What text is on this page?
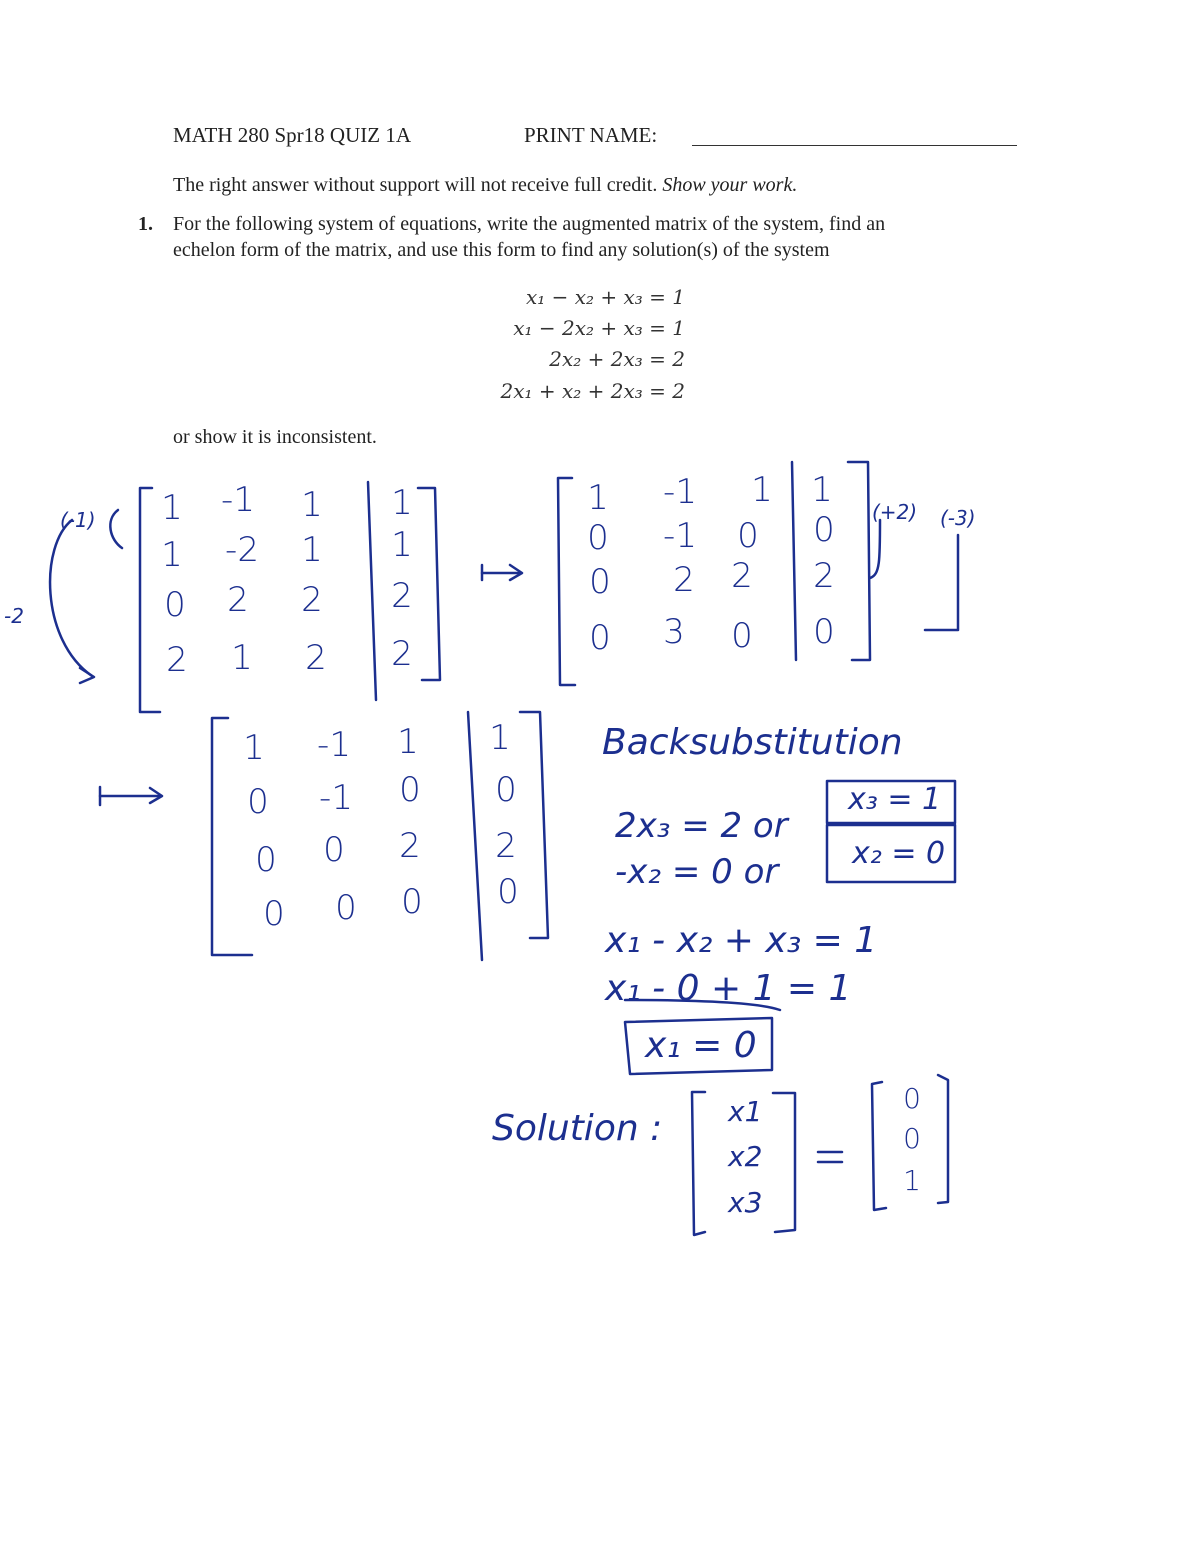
MATH 280 Spr18 QUIZ 1A	PRINT NAME:
The right answer without support will not receive full credit. Show your work.
1. For the following system of equations, write the augmented matrix of the system, find an
echelon form of the matrix, and use this form to find any solution(s) of the system
x₁ − x₂ + x₃ = 1
x₁ − 2x₂ + x₃ = 1
2x₂ + 2x₃ = 2
2x₁ + x₂ + 2x₃ = 2
or show it is inconsistent.
(-1)
-2
(+2) (-3)
1 -1 1 1
1 -2 1 1
0 2 2 2
2 1 2 2
1 -1 1 1
0 -1 0 0
0 2 2 2
0 3 0 0
1 -1 1 1
0 -1 0 0
0 0 2 2
0 0 0 0
Backsubstitution
2x₃ = 2 or
-x₂ = 0 or
x₃ = 1
x₂ = 0
x₁ - x₂ + x₃ = 1
x₁ - 0 + 1 = 1
x₁ = 0
Solution : x1
x2
x3
0
0
1
